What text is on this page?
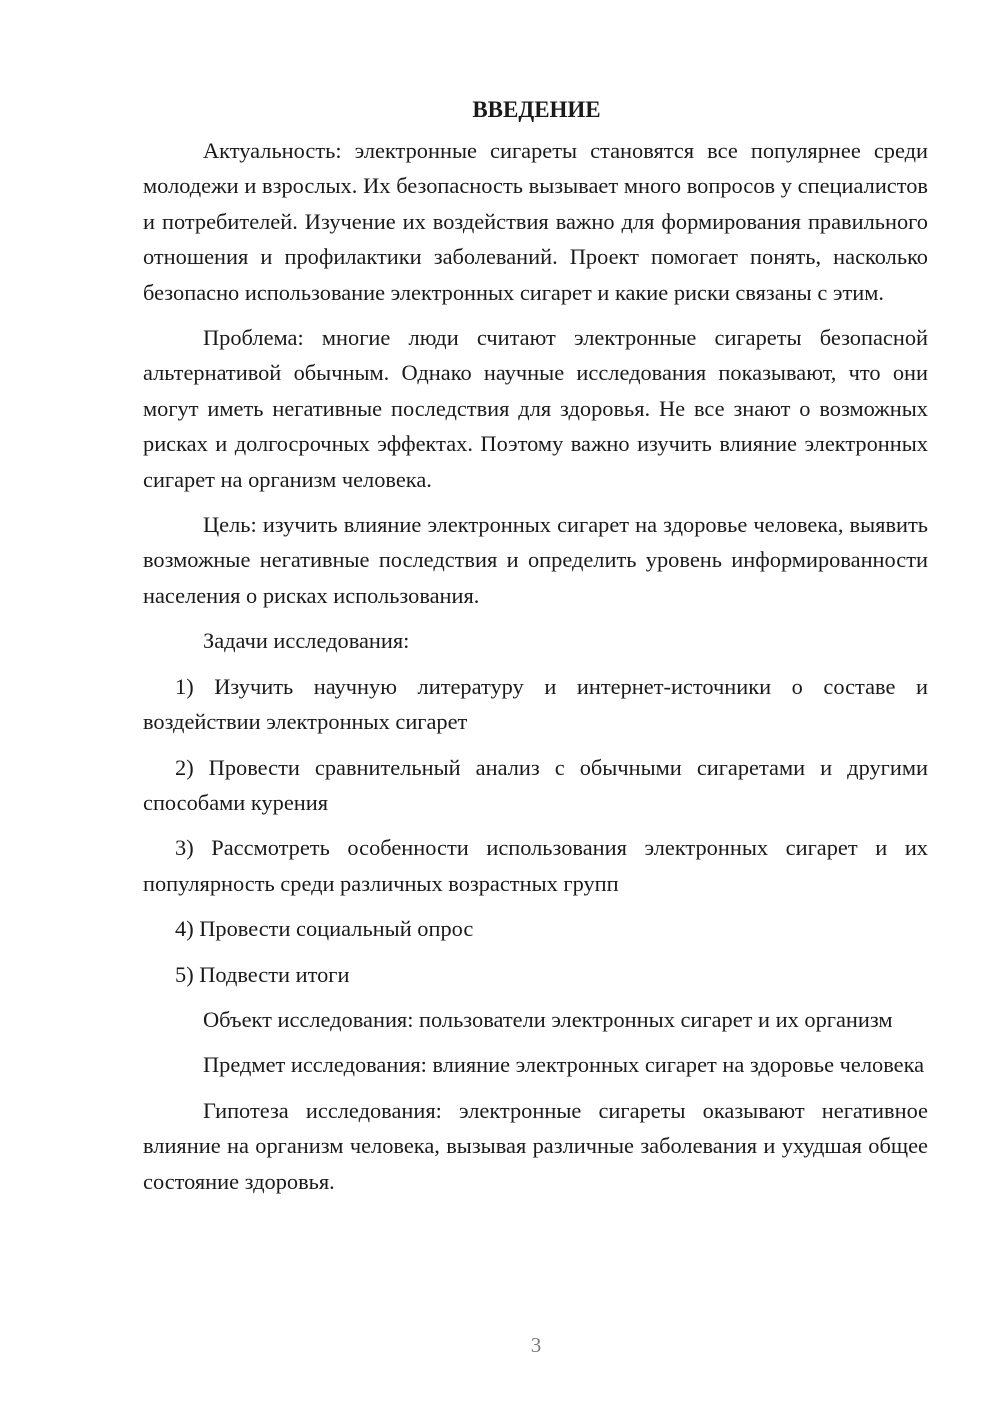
ВВЕДЕНИЕ

Актуальность: электронные сигареты становятся все популярнее среди молодежи и взрослых. Их безопасность вызывает много вопросов у специалистов и потребителей. Изучение их воздействия важно для формирования правильного отношения и профилактики заболеваний. Проект помогает понять, насколько безопасно использование электронных сигарет и какие риски связаны с этим.

Проблема: многие люди считают электронные сигареты безопасной альтернативой обычным. Однако научные исследования показывают, что они могут иметь негативные последствия для здоровья. Не все знают о возможных рисках и долгосрочных эффектах. Поэтому важно изучить влияние электронных сигарет на организм человека.

Цель: изучить влияние электронных сигарет на здоровье человека, выявить возможные негативные последствия и определить уровень информированности населения о рисках использования.

Задачи исследования:

1) Изучить научную литературу и интернет-источники о составе и воздействии электронных сигарет

2) Провести сравнительный анализ с обычными сигаретами и другими способами курения

3) Рассмотреть особенности использования электронных сигарет и их популярность среди различных возрастных групп

4) Провести социальный опрос

5) Подвести итоги

Объект исследования: пользователи электронных сигарет и их организм

Предмет исследования: влияние электронных сигарет на здоровье человека

Гипотеза исследования: электронные сигареты оказывают негативное влияние на организм человека, вызывая различные заболевания и ухудшая общее состояние здоровья.

3
